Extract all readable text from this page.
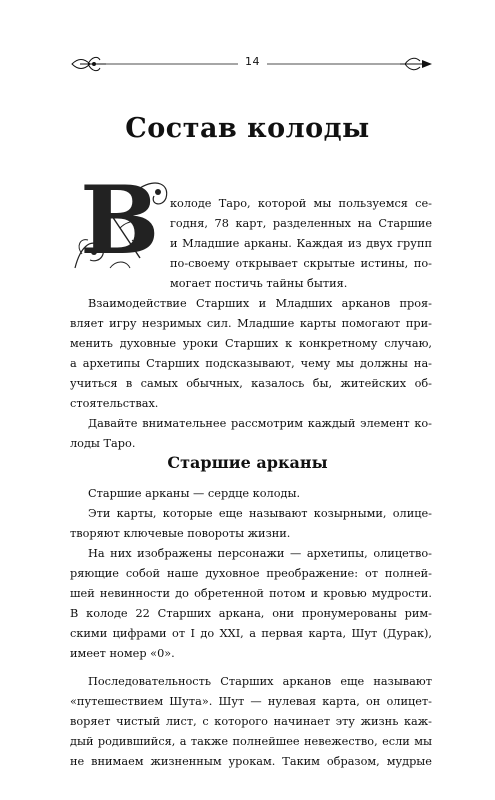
14
Состав колоды
В колоде Таро, которой мы пользуемся се-
годня, 78 карт, разделенных на Старшие
и Младшие арканы. Каждая из двух групп
по-своему открывает скрытые истины, по-
могает постичь тайны бытия.
Взаимодействие Старших и Младших арканов проя-
вляет игру незримых сил. Младшие карты помогают при-
менить духовные уроки Старших к конкретному случаю,
а архетипы Старших подсказывают, чему мы должны на-
учиться в самых обычных, казалось бы, житейских об-
стоятельствах.
Давайте внимательнее рассмотрим каждый элемент ко-
лоды Таро.
Старшие арканы
Старшие арканы — сердце колоды.
Эти карты, которые еще называют козырными, олице-
творяют ключевые повороты жизни.
На них изображены персонажи — архетипы, олицетво-
ряющие собой наше духовное преображение: от полней-
шей невинности до обретенной потом и кровью мудрости.
В колоде 22 Старших аркана, они пронумерованы рим-
скими цифрами от I до XXI, а первая карта, Шут (Дурак),
имеет номер «0».
Последовательность Старших арканов еще называют
«путешествием Шута». Шут — нулевая карта, он олицет-
воряет чистый лист, с которого начинает эту жизнь каж-
дый родившийся, а также полнейшее невежество, если мы
не внимаем жизненным урокам. Таким образом, мудрые
